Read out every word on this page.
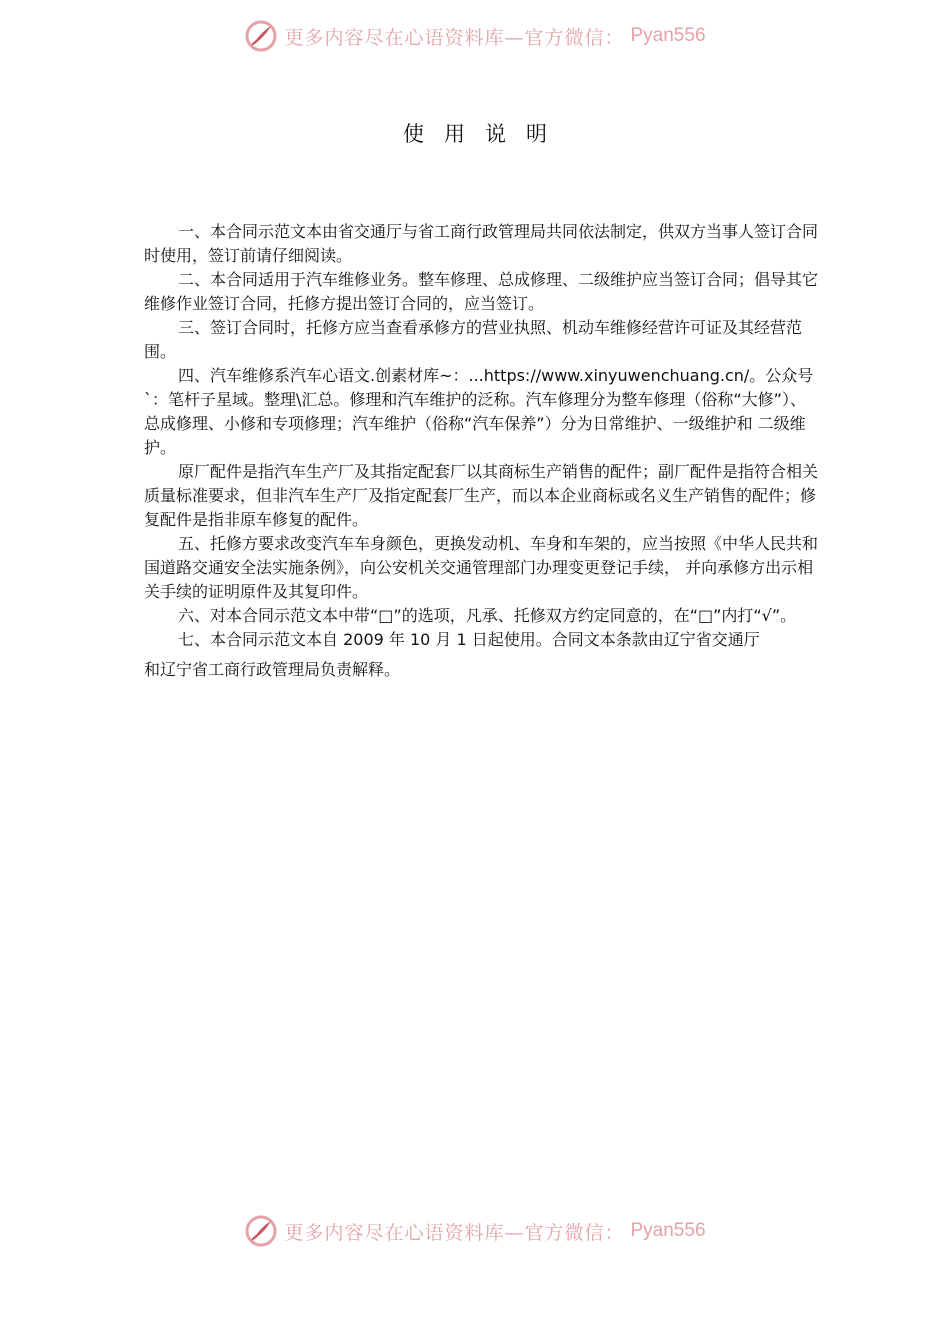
更多内容尽在心语资料库—官方微信： Pyan556
使用说明

一、本合同示范文本由省交通厅与省工商行政管理局共同依法制定，供双方当事人签订合同时使用，签订前请仔细阅读。

二、本合同适用于汽车维修业务。整车修理、总成修理、二级维护应当签订合同；倡导其它维修作业签订合同，托修方提出签订合同的，应当签订。

三、签订合同时，托修方应当查看承修方的营业执照、机动车维修经营许可证及其经营范围。

四、汽车维修系汽车心语文.创素材库~：...https://www.xinyuwenchuang.cn/。公众号`：笔杆子星域。整理\汇总。修理和汽车维护的泛称。汽车修理分为整车修理（俗称“大修”）、 总成修理、小修和专项修理；汽车维护（俗称“汽车保养”）分为日常维护、一级维护和 二级维护。

原厂配件是指汽车生产厂及其指定配套厂以其商标生产销售的配件；副厂配件是指符合相关质量标准要求，但非汽车生产厂及指定配套厂生产，而以本企业商标或名义生产销售的配件；修复配件是指非原车修复的配件。

五、托修方要求改变汽车车身颜色，更换发动机、车身和车架的，应当按照《中华人民共和国道路交通安全法实施条例》，向公安机关交通管理部门办理变更登记手续， 并向承修方出示相关手续的证明原件及其复印件。

六、对本合同示范文本中带“□”的选项，凡承、托修双方约定同意的，在“□”内打“√”。

七、本合同示范文本自 2009 年 10 月 1 日起使用。合同文本条款由辽宁省交通厅

和辽宁省工商行政管理局负责解释。

更多内容尽在心语资料库—官方微信： Pyan556
